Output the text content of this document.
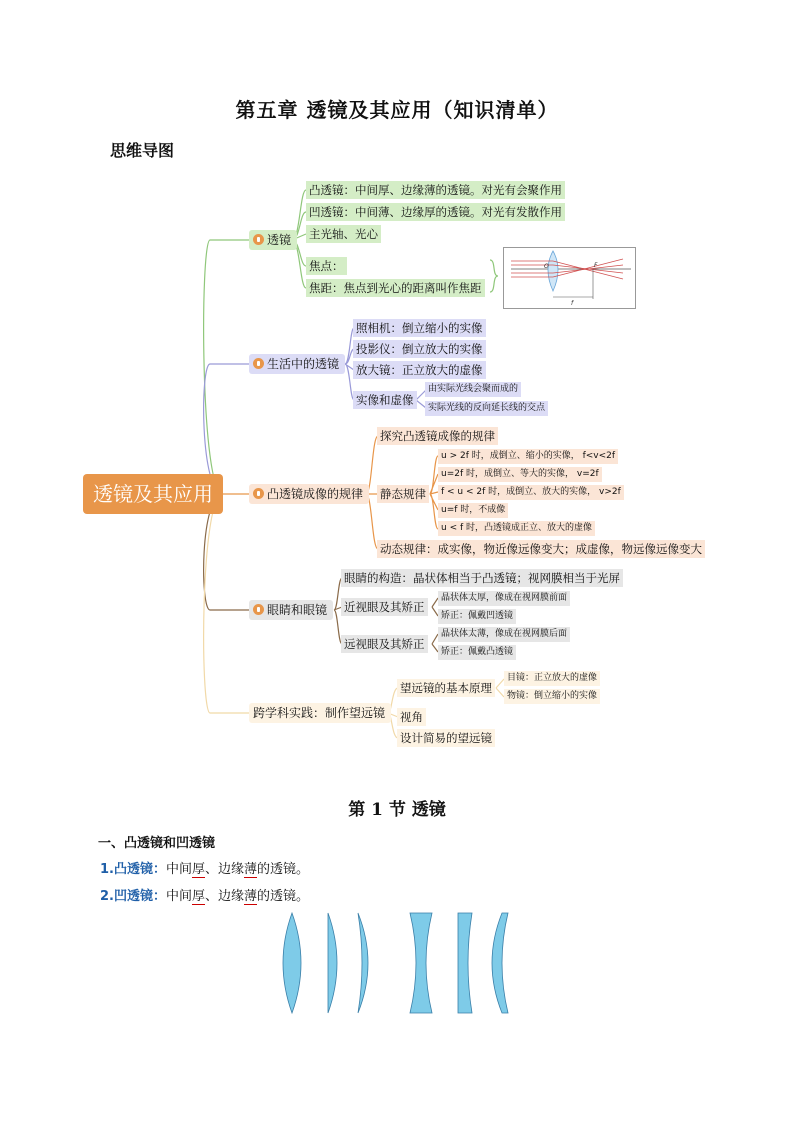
第五章 透镜及其应用（知识清单）
思维导图
透镜及其应用
透镜
凸透镜：中间厚、边缘薄的透镜。对光有会聚作用
凹透镜：中间薄、边缘厚的透镜。对光有发散作用
主光轴、光心
焦点：
焦距：焦点到光心的距离叫作焦距
O	F
f
生活中的透镜
照相机：倒立缩小的实像
投影仪：倒立放大的实像
放大镜：正立放大的虚像
实像和虚像
由实际光线会聚而成的
实际光线的反向延长线的交点
凸透镜成像的规律
探究凸透镜成像的规律
静态规律
动态规律：成实像，物近像远像变大；成虚像，物远像远像变大
u > 2f 时，成倒立、缩小的实像， f<v<2f
u=2f 时，成倒立、等大的实像， v=2f
f < u < 2f 时，成倒立、放大的实像， v>2f
u=f 时，不成像
u < f 时，凸透镜成正立、放大的虚像
眼睛和眼镜
眼睛的构造：晶状体相当于凸透镜；视网膜相当于光屏
近视眼及其矫正
远视眼及其矫正
晶状体太厚，像成在视网膜前面
矫正：佩戴凹透镜
晶状体太薄，像成在视网膜后面
矫正：佩戴凸透镜
跨学科实践：制作望远镜
望远镜的基本原理
视角
设计简易的望远镜
目镜：正立放大的虚像
物镜：倒立缩小的实像
第 1 节 透镜
一、凸透镜和凹透镜
1.凸透镜：中间厚、边缘薄的透镜。
2.凹透镜：中间厚、边缘薄的透镜。
